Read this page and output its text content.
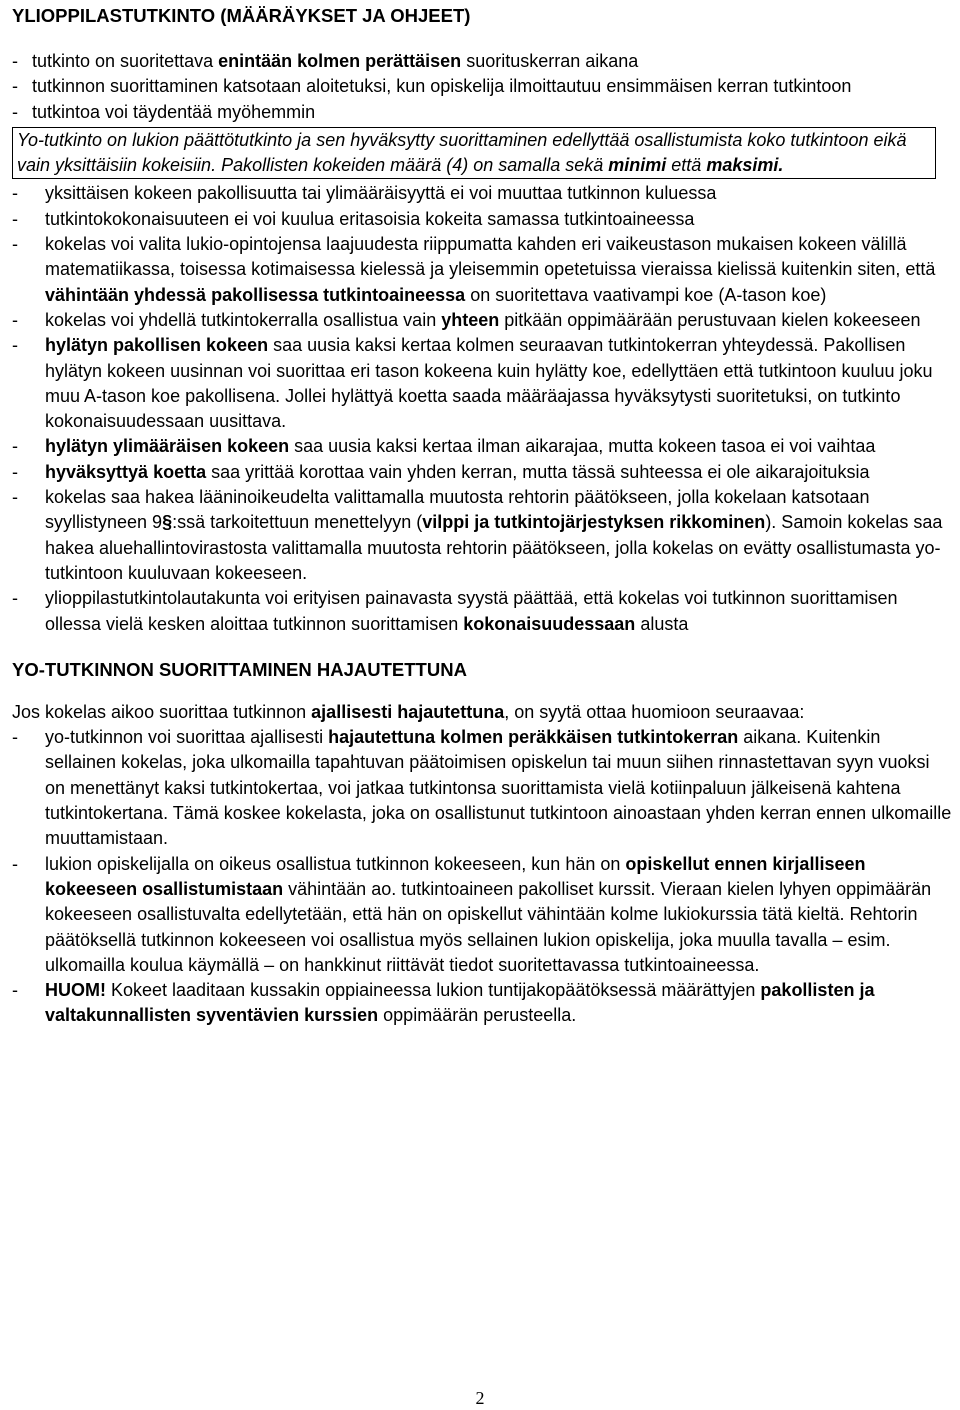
YLIOPPILASTUTKINTO (MÄÄRÄYKSET JA OHJEET)
- tutkinto on suoritettava enintään kolmen perättäisen suorituskerran aikana
- tutkinnon suorittaminen katsotaan aloitetuksi, kun opiskelija ilmoittautuu ensimmäisen kerran tutkintoon
- tutkintoa voi täydentää myöhemmin
Yo-tutkinto on lukion päättötutkinto ja sen hyväksytty suorittaminen edellyttää osallistumista koko tutkintoon eikä vain yksittäisiin kokeisiin. Pakollisten kokeiden määrä (4) on samalla sekä minimi että maksimi.
-	yksittäisen kokeen pakollisuutta tai ylimääräisyyttä ei voi muuttaa tutkinnon kuluessa
-	tutkintokokonaisuuteen ei voi kuulua eritasoisia kokeita samassa tutkintoaineessa
-	kokelas voi valita lukio-opintojensa laajuudesta riippumatta kahden eri vaikeustason mukaisen kokeen välillä matematiikassa, toisessa kotimaisessa kielessä ja yleisemmin opetetuissa vieraissa kielissä kuitenkin siten, että vähintään yhdessä pakollisessa tutkintoaineessa on suoritettava vaativampi koe (A-tason koe)
-	kokelas voi yhdellä tutkintokerralla osallistua vain yhteen pitkään oppimäärään perustuvaan kielen kokeeseen
-	hylätyn pakollisen kokeen saa uusia kaksi kertaa kolmen seuraavan tutkintokerran yhteydessä. Pakollisen hylätyn kokeen uusinnan voi suorittaa eri tason kokeena kuin hylätty koe, edellyttäen että tutkintoon kuuluu joku muu A-tason koe pakollisena. Jollei hylättyä koetta saada määräajassa hyväksytysti suoritetuksi, on tutkinto kokonaisuudessaan uusittava.
-	hylätyn ylimääräisen kokeen saa uusia kaksi kertaa ilman aikarajaa, mutta kokeen tasoa ei voi vaihtaa
-	hyväksyttyä koetta saa yrittää korottaa vain yhden kerran, mutta tässä suhteessa ei ole aikarajoituksia
-	kokelas saa hakea lääninoikeudelta valittamalla muutosta rehtorin päätökseen, jolla kokelaan katsotaan syyllistyneen 9§:ssä tarkoitettuun menettelyyn (vilppi ja tutkintojärjestyksen rikkominen). Samoin kokelas saa hakea aluehallintovirastosta valittamalla muutosta rehtorin päätökseen, jolla kokelas on evätty osallistumasta yo-tutkintoon kuuluvaan kokeeseen.
-	ylioppilastutkintolautakunta voi erityisen painavasta syystä päättää, että kokelas voi tutkinnon suorittamisen ollessa vielä kesken aloittaa tutkinnon suorittamisen kokonaisuudessaan alusta
YO-TUTKINNON SUORITTAMINEN HAJAUTETTUNA

Jos kokelas aikoo suorittaa tutkinnon ajallisesti hajautettuna, on syytä ottaa huomioon seuraavaa:

-	yo-tutkinnon voi suorittaa ajallisesti hajautettuna kolmen peräkkäisen tutkintokerran aikana. Kuitenkin sellainen kokelas, joka ulkomailla tapahtuvan päätoimisen opiskelun tai muun siihen rinnastettavan syyn vuoksi on menettänyt kaksi tutkintokertaa, voi jatkaa tutkintonsa suorittamista vielä kotiinpaluun jälkeisenä kahtena tutkintokertana. Tämä koskee kokelasta, joka on osallistunut tutkintoon ainoastaan yhden kerran ennen ulkomaille muuttamistaan.
-	lukion opiskelijalla on oikeus osallistua tutkinnon kokeeseen, kun hän on opiskellut ennen kirjalliseen kokeeseen osallistumistaan vähintään ao. tutkintoaineen pakolliset kurssit. Vieraan kielen lyhyen oppimäärän kokeeseen osallistuvalta edellytetään, että hän on opiskellut vähintään kolme lukiokurssia tätä kieltä. Rehtorin päätöksellä tutkinnon kokeeseen voi osallistua myös sellainen lukion opiskelija, joka muulla tavalla – esim. ulkomailla koulua käymällä – on hankkinut riittävät tiedot suoritettavassa tutkintoaineessa.
-	HUOM! Kokeet laaditaan kussakin oppiaineessa lukion tuntijakopäätöksessä määrättyjen pakollisten ja valtakunnallisten syventävien kurssien oppimäärän perusteella.
2
